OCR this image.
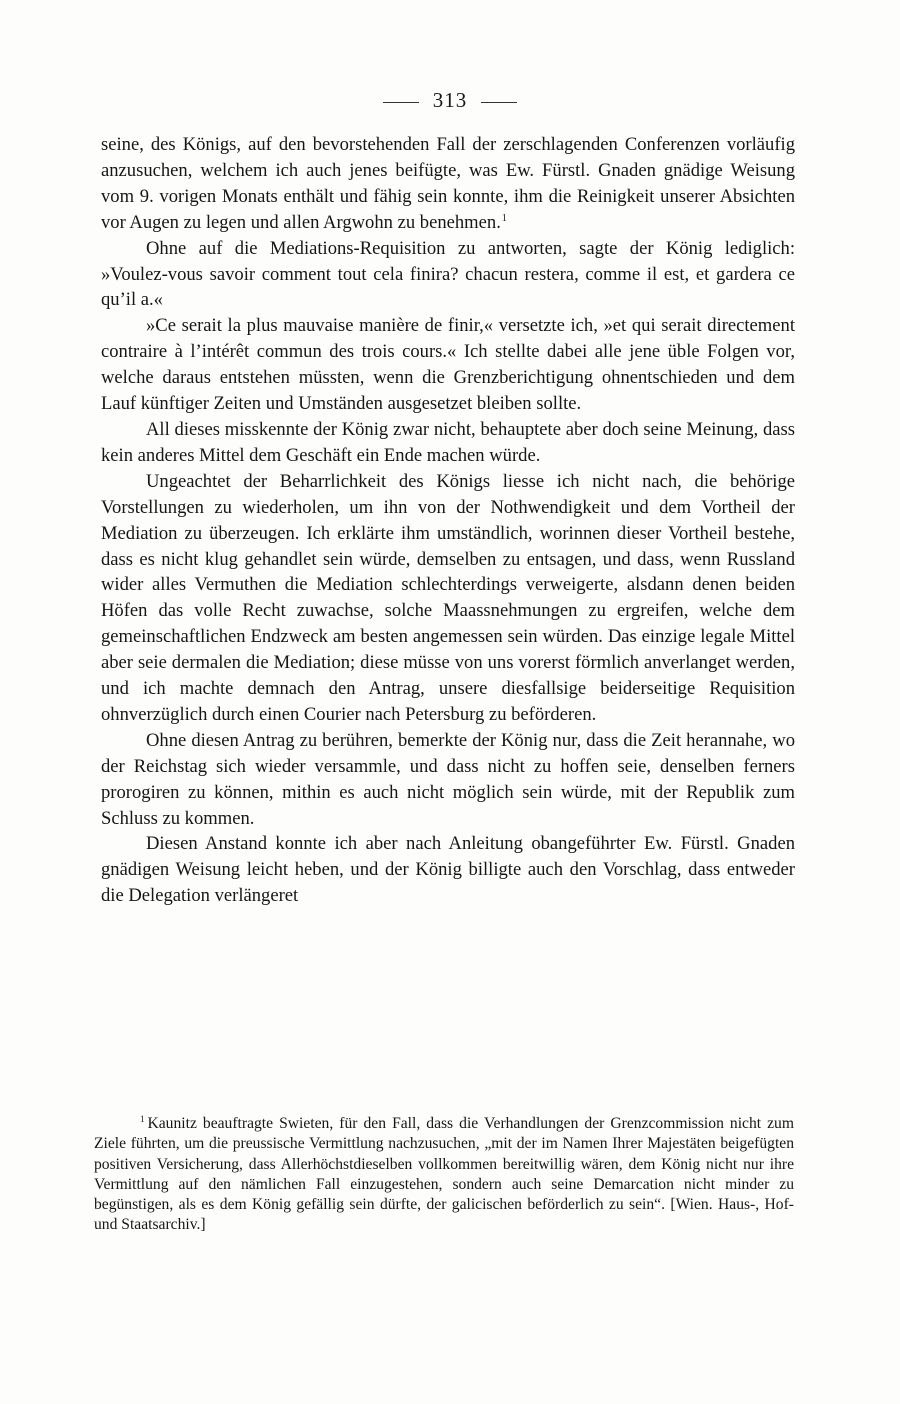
313

seine, des Königs, auf den bevorstehenden Fall der zerschlagenden Conferenzen vorläufig anzusuchen, welchem ich auch jenes beifügte, was Ew. Fürstl. Gnaden gnädige Weisung vom 9. vorigen Monats enthält und fähig sein konnte, ihm die Reinigkeit unserer Absichten vor Augen zu legen und allen Argwohn zu benehmen.$^1$

Ohne auf die Mediations-Requisition zu antworten, sagte der König lediglich: »Voulez-vous savoir comment tout cela finira? chacun restera, comme il est, et gardera ce qu’il a.«

»Ce serait la plus mauvaise manière de finir,« versetzte ich, »et qui serait directement contraire à l’intérêt commun des trois cours.« Ich stellte dabei alle jene üble Folgen vor, welche daraus entstehen müssten, wenn die Grenzberichtigung ohnentschieden und dem Lauf künftiger Zeiten und Umständen ausgesetzet bleiben sollte.

All dieses misskennte der König zwar nicht, behauptete aber doch seine Meinung, dass kein anderes Mittel dem Geschäft ein Ende machen würde.

Ungeachtet der Beharrlichkeit des Königs liesse ich nicht nach, die behörige Vorstellungen zu wiederholen, um ihn von der Nothwendigkeit und dem Vortheil der Mediation zu überzeugen. Ich erklärte ihm umständlich, worinnen dieser Vortheil bestehe, dass es nicht klug gehandlet sein würde, demselben zu entsagen, und dass, wenn Russland wider alles Vermuthen die Mediation schlechterdings verweigerte, alsdann denen beiden Höfen das volle Recht zuwachse, solche Maassnehmungen zu ergreifen, welche dem gemeinschaftlichen Endzweck am besten angemessen sein würden. Das einzige legale Mittel aber seie dermalen die Mediation; diese müsse von uns vorerst förmlich anverlanget werden, und ich machte demnach den Antrag, unsere diesfallsige beiderseitige Requisition ohnverzüglich durch einen Courier nach Petersburg zu beförderen.

Ohne diesen Antrag zu berühren, bemerkte der König nur, dass die Zeit herannahe, wo der Reichstag sich wieder versammle, und dass nicht zu hoffen seie, denselben ferners prorogiren zu können, mithin es auch nicht möglich sein würde, mit der Republik zum Schluss zu kommen.

Diesen Anstand konnte ich aber nach Anleitung obangeführter Ew. Fürstl. Gnaden gnädigen Weisung leicht heben, und der König billigte auch den Vorschlag, dass entweder die Delegation verlängeret

$^1$ Kaunitz beauftragte Swieten, für den Fall, dass die Verhandlungen der Grenzcommission nicht zum Ziele führten, um die preussische Vermittlung nachzusuchen, „mit der im Namen Ihrer Majestäten beigefügten positiven Versicherung, dass Allerhöchstdieselben vollkommen bereitwillig wären, dem König nicht nur ihre Vermittlung auf den nämlichen Fall einzugestehen, sondern auch seine Demarcation nicht minder zu begünstigen, als es dem König gefällig sein dürfte, der galicischen beförderlich zu sein“. [Wien. Haus-, Hof- und Staatsarchiv.]
